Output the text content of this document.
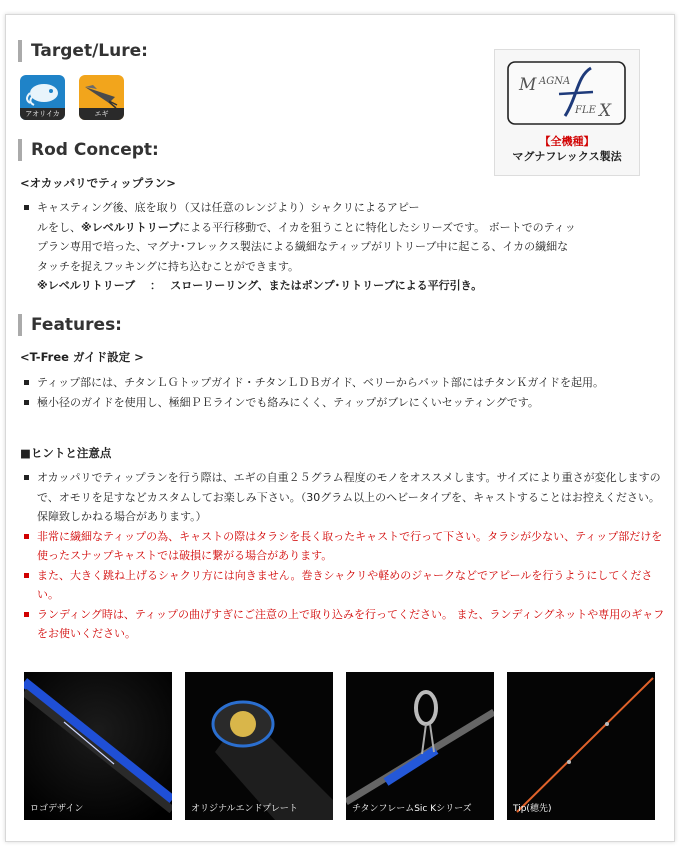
Target/Lure:
アオリイカ	エギ
M AGNA
FLE X
【全機種】
マグナフレックス製法
Rod Concept:
<オカッパリでティップラン>
キャスティング後、底を取り（又は任意のレンジより）シャクリによるアピー
ルをし、※レベルリトリーブによる平行移動で、イカを狙うことに特化したシリーズです。 ボートでのティッ
プラン専用で培った、マグナ･フレックス製法による繊細なティップがリトリーブ中に起こる、イカの繊細な
タッチを捉えフッキングに持ち込むことができます。
※レベルリトリーブ　 ：　 スローリーリング、またはポンプ･リトリーブによる平行引き。
Features:
<T-Free ガイド設定 >
ティップ部には、チタンＬＧトップガイド・チタンＬＤＢガイド、ベリーからバット部にはチタンＫガイドを起用。
極小径のガイドを使用し、極細ＰＥラインでも絡みにくく、ティップがブレにくいセッティングです。
■ヒントと注意点
オカッパリでティップランを行う際は、エギの自重２５グラム程度のモノをオススメします。サイズにより重さが変化しますので、オモリを足すなどカスタムしてお楽しみ下さい。（30グラム以上のヘビータイプを、キャストすることはお控えください。保障致しかねる場合があります。）
非常に繊細なティップの為、キャストの際はタラシを長く取ったキャストで行って下さい。タラシが少ない、ティップ部だけを使ったスナップキャストでは破損に繋がる場合があります。
また、大きく跳ね上げるシャクリ方には向きません。巻きシャクリや軽めのジャークなどでアピールを行うようにしてください。
ランディング時は、ティップの曲げすぎにご注意の上で取り込みを行ってください。 また、ランディングネットや専用のギャフをお使いください。
ロゴデザイン	オリジナルエンドプレート	チタンフレームSic Kシリーズ	Tip(穂先)
